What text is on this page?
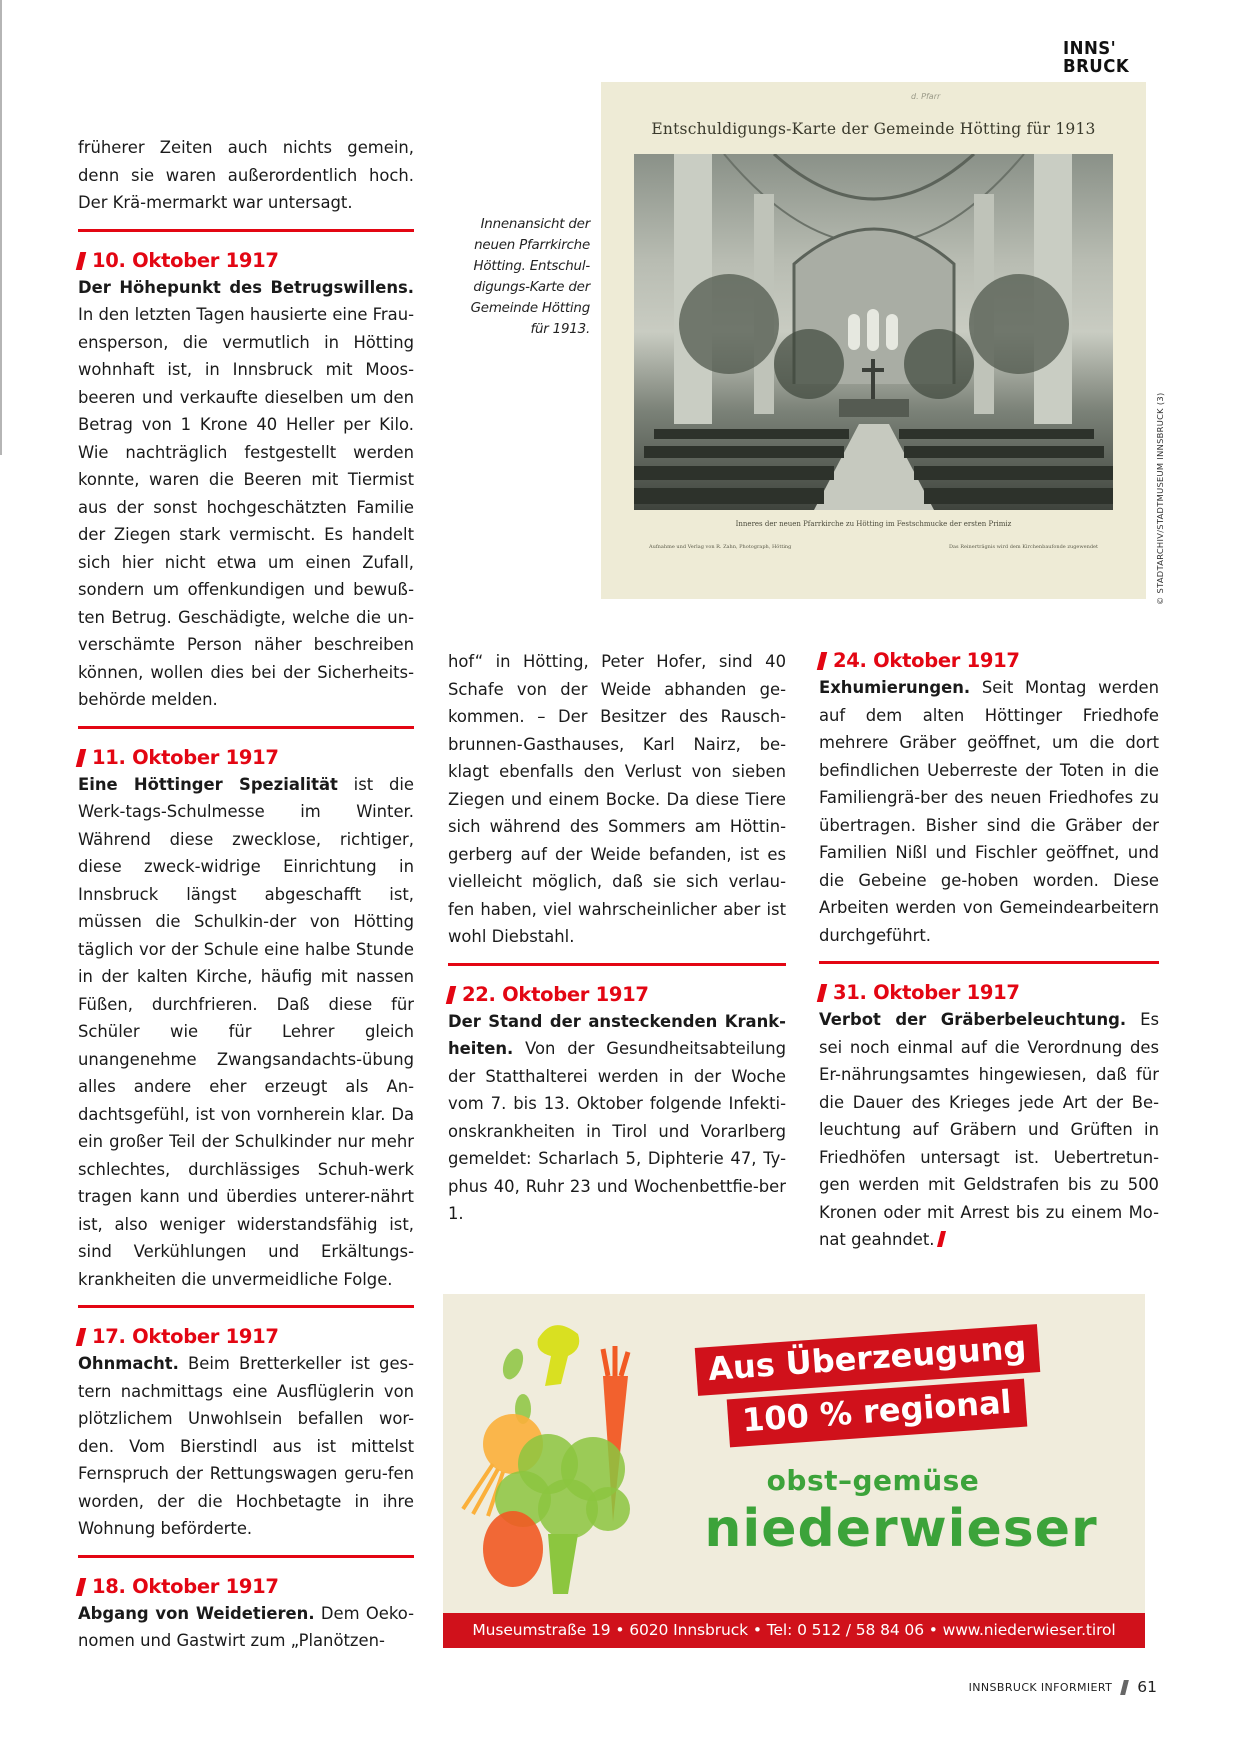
INNS'
BRUCK

früherer Zeiten auch nichts gemein, denn sie waren außerordentlich hoch. Der Krä-mermarkt war untersagt.

10. Oktober 1917

Der Höhepunkt des Betrugswillens. In den letzten Tagen hausierte eine Frau-ensperson, die vermutlich in Hötting wohnhaft ist, in Innsbruck mit Moos-beeren und verkaufte dieselben um den Betrag von 1 Krone 40 Heller per Kilo. Wie nachträglich festgestellt werden konnte, waren die Beeren mit Tiermist aus der sonst hochgeschätzten Familie der Ziegen stark vermischt. Es handelt sich hier nicht etwa um einen Zufall, sondern um offenkundigen und bewuß-ten Betrug. Geschädigte, welche die un-verschämte Person näher beschreiben können, wollen dies bei der Sicherheits-behörde melden.

11. Oktober 1917

Eine Höttinger Spezialität ist die Werk-tags-Schulmesse im Winter. Während diese zwecklose, richtiger, diese zweck-widrige Einrichtung in Innsbruck längst abgeschafft ist, müssen die Schulkin-der von Hötting täglich vor der Schule eine halbe Stunde in der kalten Kirche, häufig mit nassen Füßen, durchfrieren. Daß diese für Schüler wie für Lehrer gleich unangenehme Zwangsandachts-übung alles andere eher erzeugt als An-dachtsgefühl, ist von vornherein klar. Da ein großer Teil der Schulkinder nur mehr schlechtes, durchlässiges Schuh-werk tragen kann und überdies unterer-nährt ist, also weniger widerstandsfähig ist, sind Verkühlungen und Erkältungs-krankheiten die unvermeidliche Folge.

17. Oktober 1917

Ohnmacht. Beim Bretterkeller ist ges-tern nachmittags eine Ausflüglerin von plötzlichem Unwohlsein befallen wor-den. Vom Bierstindl aus ist mittelst Fernspruch der Rettungswagen geru-fen worden, der die Hochbetagte in ihre Wohnung beförderte.

18. Oktober 1917

Abgang von Weidetieren. Dem Oeko-nomen und Gastwirt zum „Planötzen-

Innenansicht der neuen Pfarrkirche Hötting. Entschul-digungs-Karte der Gemeinde Hötting für 1913.
d. Pfarr
Entschuldigungs-Karte der Gemeinde Hötting für 1913
Inneres der neuen Pfarrkirche zu Hötting im Festschmucke der ersten Primiz
Aufnahme und Verlag von R. Zahn, Photograph, Hötting	Das Reinerträgnis wird dem Kirchenbaufonde zugewendet	© STADTARCHIV/STADTMUSEUM INNSBRUCK (3)

hof“ in Hötting, Peter Hofer, sind 40 Schafe von der Weide abhanden ge-kommen. – Der Besitzer des Rausch-brunnen-Gasthauses, Karl Nairz, be-klagt ebenfalls den Verlust von sieben Ziegen und einem Bocke. Da diese Tiere sich während des Sommers am Höttin-gerberg auf der Weide befanden, ist es vielleicht möglich, daß sie sich verlau-fen haben, viel wahrscheinlicher aber ist wohl Diebstahl.

22. Oktober 1917

Der Stand der ansteckenden Krank-heiten. Von der Gesundheitsabteilung der Statthalterei werden in der Woche vom 7. bis 13. Oktober folgende Infekti-onskrankheiten in Tirol und Vorarlberg gemeldet: Scharlach 5, Diphterie 47, Ty-phus 40, Ruhr 23 und Wochenbettfie-ber 1.

24. Oktober 1917

Exhumierungen. Seit Montag werden auf dem alten Höttinger Friedhofe mehrere Gräber geöffnet, um die dort befindlichen Ueberreste der Toten in die Familiengrä-ber des neuen Friedhofes zu übertragen. Bisher sind die Gräber der Familien Nißl und Fischler geöffnet, und die Gebeine ge-hoben worden. Diese Arbeiten werden von Gemeindearbeitern durchgeführt.

31. Oktober 1917

Verbot der Gräberbeleuchtung. Es sei noch einmal auf die Verordnung des Er-nährungsamtes hingewiesen, daß für die Dauer des Krieges jede Art der Be-leuchtung auf Gräbern und Grüften in Friedhöfen untersagt ist. Uebertretun-gen werden mit Geldstrafen bis zu 500 Kronen oder mit Arrest bis zu einem Mo-nat geahndet.

Aus Überzeugung
100 % regional
obst–gemüse
niederwieser
Museumstraße 19 • 6020 Innsbruck • Tel: 0 512 / 58 84 06 • www.niederwieser.tirol
INNSBRUCK INFORMIERT 61
